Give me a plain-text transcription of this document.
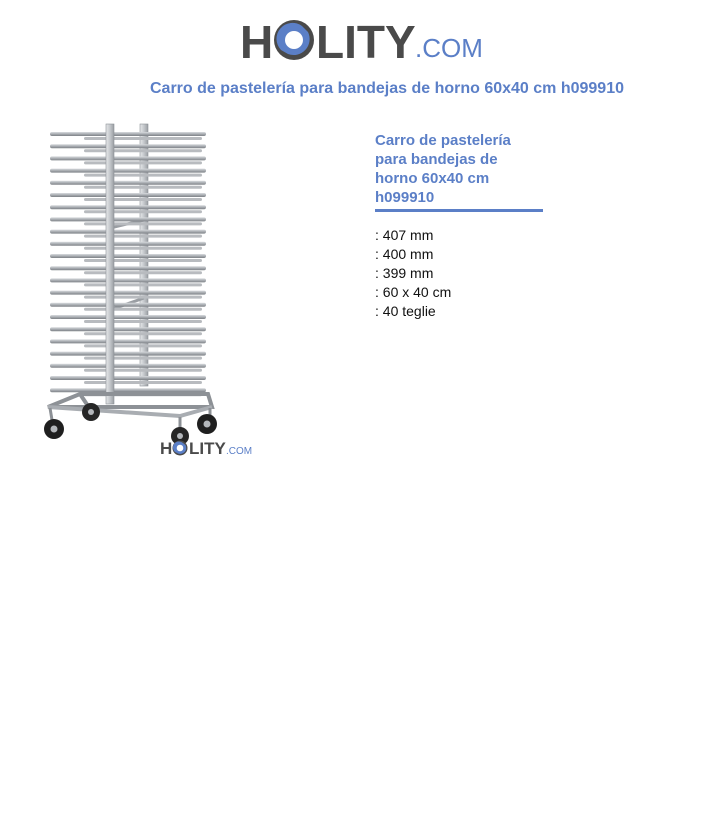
H LITY .COM
Carro de pastelería para bandejas de horno 60x40 cm h099910
H LITY .COM
Carro de pastelería para bandejas de horno 60x40 cm h099910
: 407 mm
: 400 mm
: 399 mm
: 60 x 40 cm
: 40 teglie
